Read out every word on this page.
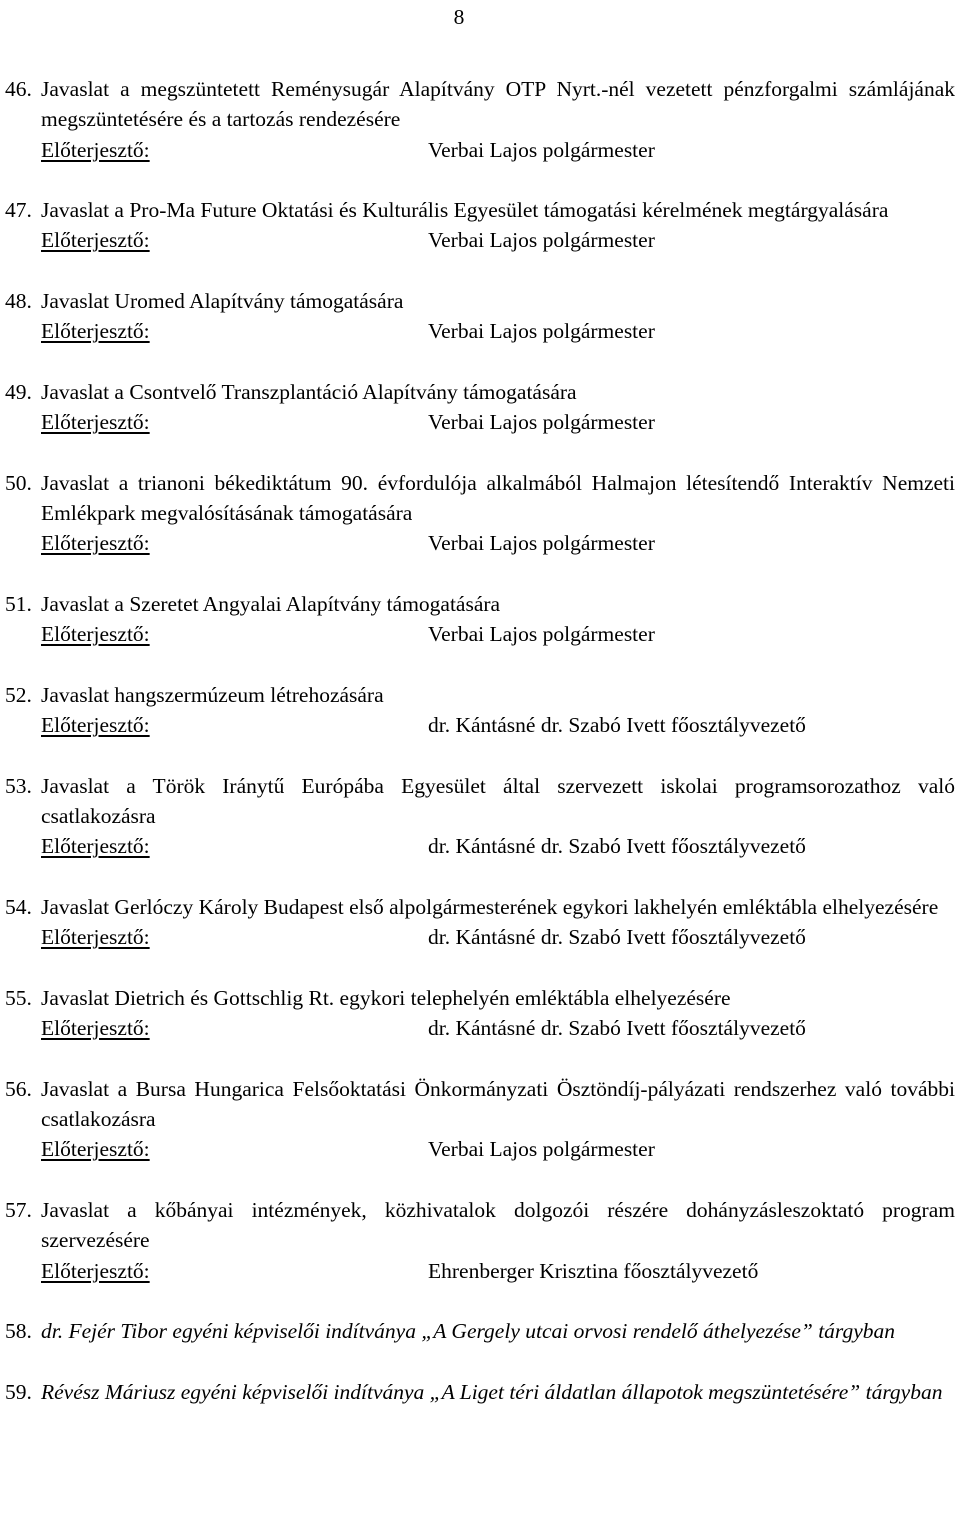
8
46. Javaslat a megszüntetett Reménysugár Alapítvány OTP Nyrt.-nél vezetett pénzforgalmi számlájának megszüntetésére és a tartozás rendezésére
Előterjesztő:	Verbai Lajos polgármester
47. Javaslat a Pro-Ma Future Oktatási és Kulturális Egyesület támogatási kérelmének megtárgyalására
Előterjesztő:	Verbai Lajos polgármester
48. Javaslat Uromed Alapítvány támogatására
Előterjesztő:	Verbai Lajos polgármester
49. Javaslat a Csontvelő Transzplantáció Alapítvány támogatására
Előterjesztő:	Verbai Lajos polgármester
50. Javaslat a trianoni békediktátum 90. évfordulója alkalmából Halmajon létesítendő Interaktív Nemzeti Emlékpark megvalósításának támogatására
Előterjesztő:	Verbai Lajos polgármester
51. Javaslat a Szeretet Angyalai Alapítvány támogatására
Előterjesztő:	Verbai Lajos polgármester
52. Javaslat hangszermúzeum létrehozására
Előterjesztő:	dr. Kántásné dr. Szabó Ivett főosztályvezető
53. Javaslat a Török Iránytű Európába Egyesület által szervezett iskolai programsorozathoz való csatlakozásra
Előterjesztő:	dr. Kántásné dr. Szabó Ivett főosztályvezető
54. Javaslat Gerlóczy Károly Budapest első alpolgármesterének egykori lakhelyén emléktábla elhelyezésére
Előterjesztő:	dr. Kántásné dr. Szabó Ivett főosztályvezető
55. Javaslat Dietrich és Gottschlig Rt. egykori telephelyén emléktábla elhelyezésére
Előterjesztő:	dr. Kántásné dr. Szabó Ivett főosztályvezető
56. Javaslat a Bursa Hungarica Felsőoktatási Önkormányzati Ösztöndíj-pályázati rendszerhez való további csatlakozásra
Előterjesztő:	Verbai Lajos polgármester
57. Javaslat a kőbányai intézmények, közhivatalok dolgozói részére dohányzásleszoktató program szervezésére
Előterjesztő:	Ehrenberger Krisztina főosztályvezető
58. dr. Fejér Tibor egyéni képviselői indítványa „A Gergely utcai orvosi rendelő áthelyezése” tárgyban
59. Révész Máriusz egyéni képviselői indítványa „A Liget téri áldatlan állapotok megszüntetésére” tárgyban
